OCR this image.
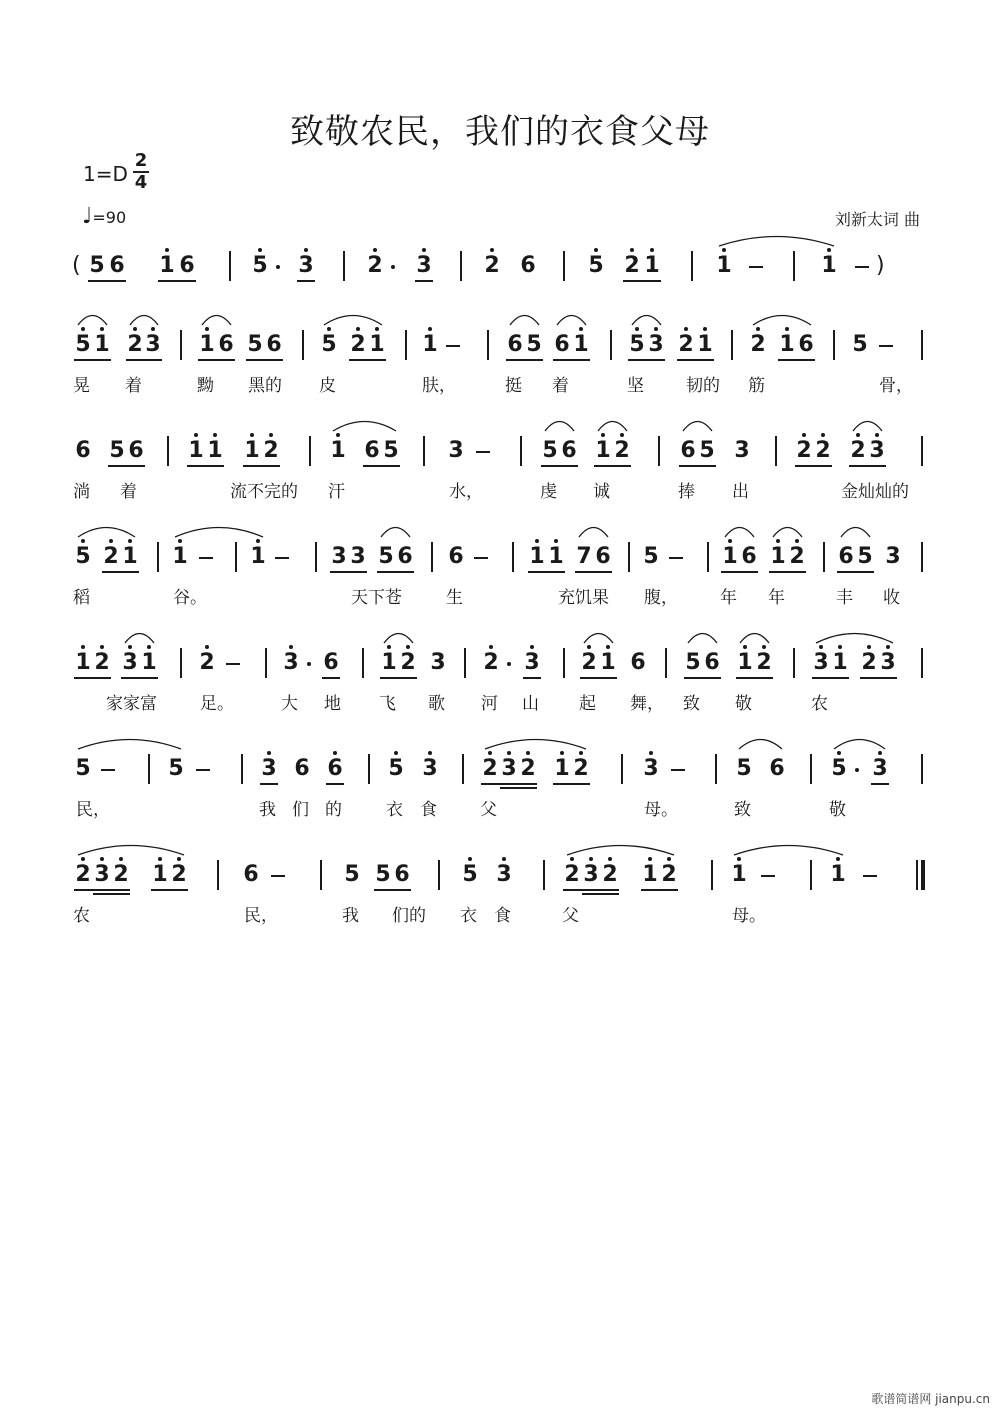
致敬农民，我们的衣食父母
1=D
2
4
♩=90	刘新太词 曲
( 5 6 1 6	5 3 2 3 2 6 5 2 1	1	1 )
5 1 2 3 1 6 5 6 5 2 1 1	6 5 6 1 5 3 2 1 2 1 6 5
晃 着	黝 黑的 皮	肤，	挺 着	坚 韧的 筋	骨，
6 5 6 1 1 1 2 1 6 5 3	5 6 1 2 6 5 3 2 2 2 3
淌 着	流不完的 汗	水，	虔 诚	捧 出	金灿灿的
5 2 1 1	1	3 3 5 6 6	1 1 7 6 5	1 6 1 2 6 5 3
稻	谷。	天下苍	生	充饥果 腹， 年 年	丰 收
1 2 3 1 2	3 6 1 2 3 2 3 2 1 6 5 6 1 2 3 1 2 3
家家富	足。	大 地 飞 歌 河 山 起 舞， 致 敬	农
5	5	3 6 6 5 3 2 3 2 1 2 3	5 6 5 3
民，	我 们 的	衣 食	父	母。	致	敬
2 3 2 1 2	6	5 5 6 5 3 2 3 2 1 2 1	1
农	民，	我 们的 衣 食	父	母。
歌谱简谱网 jianpu.cn
